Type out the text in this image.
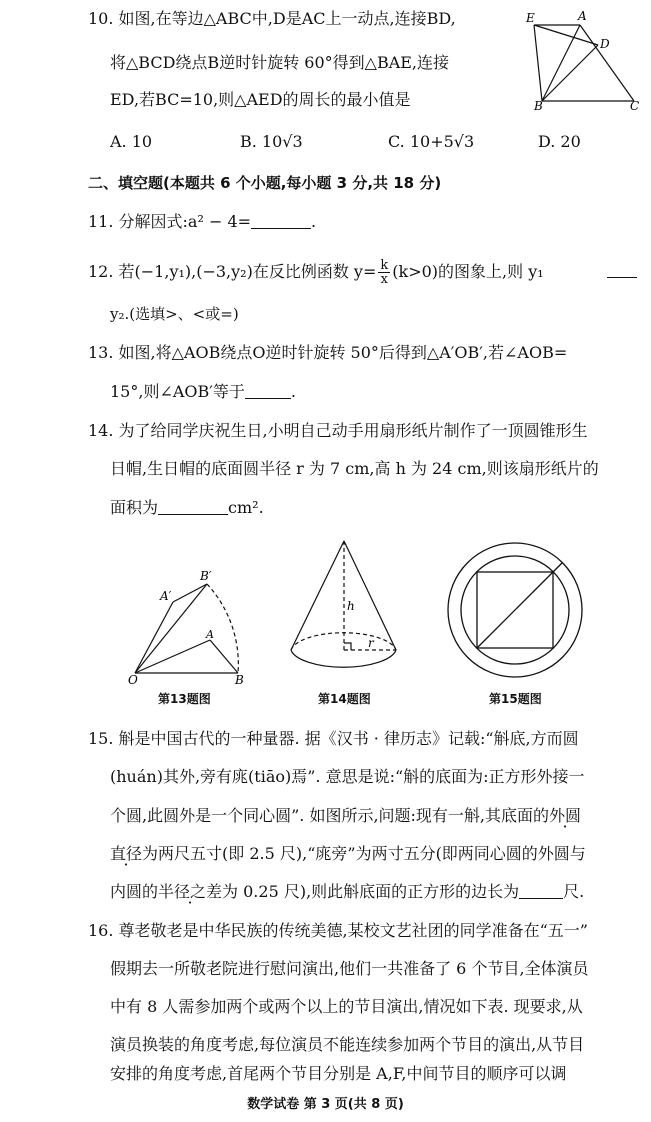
10. 如图,在等边△ABC中,D是AC上一动点,连接BD,
将△BCD绕点B逆时针旋转 60°得到△BAE,连接
ED,若BC=10,则△AED的周长的最小值是
A. 10	B. 10√3	C. 10+5√3	D. 20
E	A
D
B	C
二、填空题(本题共 6 个小题,每小题 3 分,共 18 分)
11. 分解因式:a² − 4=	.
12. 若(−1,y₁),(−3,y₂)在反比例函数 $y= \frac{k}{x} (k>0)$的图象上,则 y₁
y₂.(选填>、<或=)
13. 如图,将△AOB绕点O逆时针旋转 50°后得到△A′OB′,若∠AOB=
15°,则∠AOB′等于	.
14. 为了给同学庆祝生日,小明自己动手用扇形纸片制作了一顶圆锥形生
日帽,生日帽的底面圆半径 r 为 7 cm,高 h 为 24 cm,则该扇形纸片的
面积为	cm².
A′
B′
A
O	B
第13题图
h
r
第14题图	第15题图
15. 斛是中国古代的一种量器. 据《汉书 · 律历志》记载:“斛底,方而圆
(huán)其外,旁有庣(tiāo)焉”. 意思是说:“斛的底面为:正方形外接一
个圆,此圆外是一个同心圆”. 如图所示,问题:现有一斛,其底面的外圆
直径为两尺五寸(即 2.5 尺),“庣旁”为两寸五分(即两同心圆的外圆与
内圆的半径之差为 0.25 尺),则此斛底面的正方形的边长为	尺.
16. 尊老敬老是中华民族的传统美德,某校文艺社团的同学准备在“五一”
假期去一所敬老院进行慰问演出,他们一共准备了 6 个节目,全体演员
中有 8 人需参加两个或两个以上的节目演出,情况如下表. 现要求,从
演员换装的角度考虑,每位演员不能连续参加两个节目的演出,从节目
安排的角度考虑,首尾两个节目分别是 A,F,中间节目的顺序可以调
数学试卷 第 3 页(共 8 页)
